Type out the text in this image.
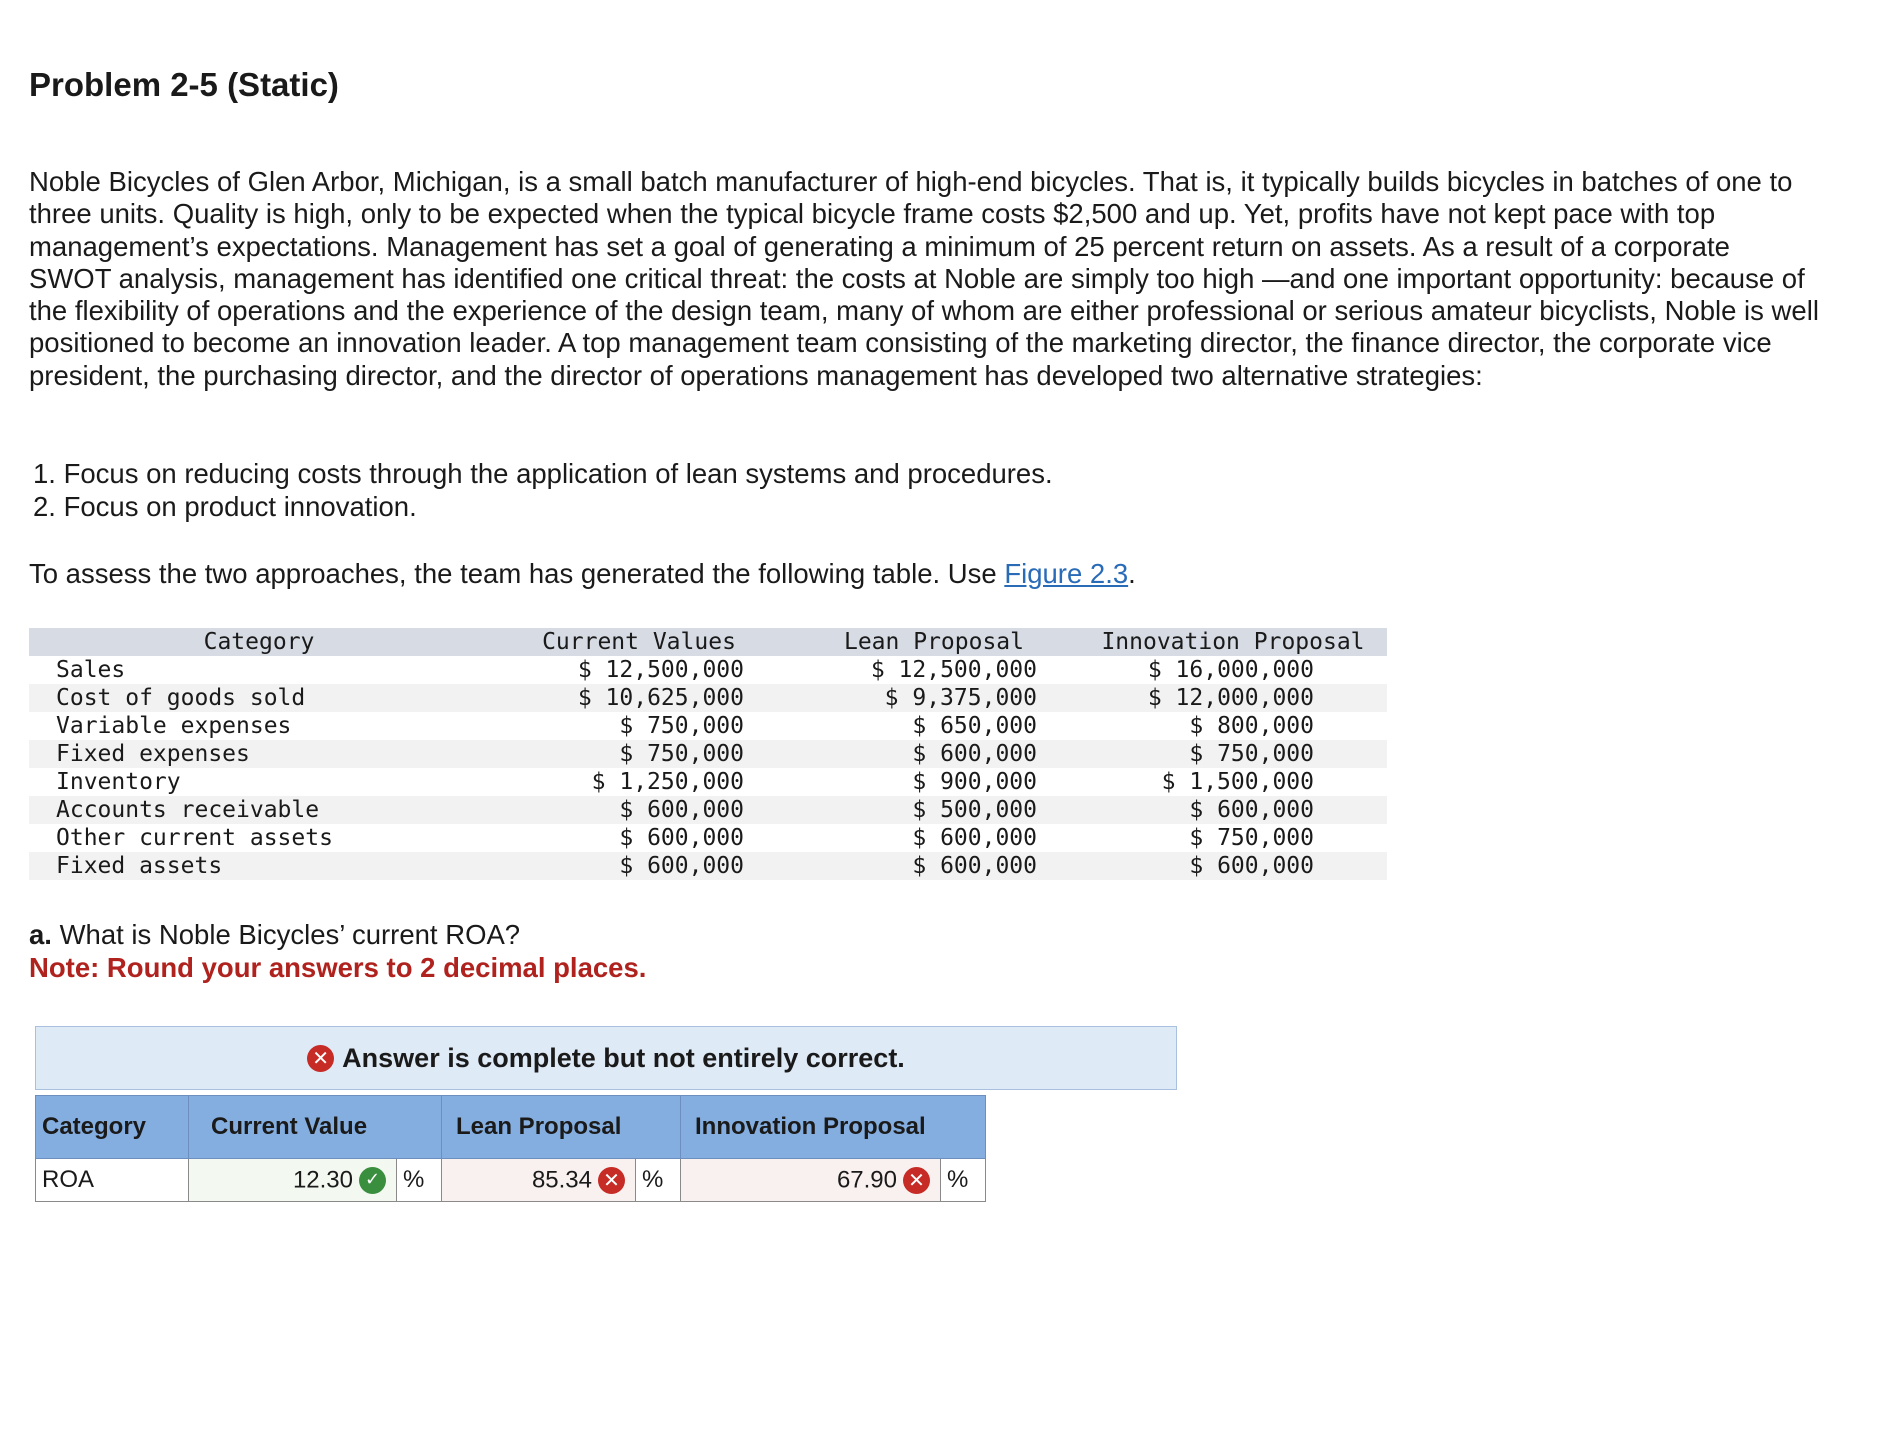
Problem 2-5 (Static)

Noble Bicycles of Glen Arbor, Michigan, is a small batch manufacturer of high-end bicycles. That is, it typically builds bicycles in batches of one to three units. Quality is high, only to be expected when the typical bicycle frame costs $2,500 and up. Yet, profits have not kept pace with top management’s expectations. Management has set a goal of generating a minimum of 25 percent return on assets. As a result of a corporate SWOT analysis, management has identified one critical threat: the costs at Noble are simply too high —and one important opportunity: because of the flexibility of operations and the experience of the design team, many of whom are either professional or serious amateur bicyclists, Noble is well positioned to become an innovation leader. A top management team consisting of the marketing director, the finance director, the corporate vice president, the purchasing director, and the director of operations management has developed two alternative strategies:

1. Focus on reducing costs through the application of lean systems and procedures.
2. Focus on product innovation.

To assess the two approaches, the team has generated the following table. Use Figure 2.3.

Category	Current Values	Lean Proposal	Innovation Proposal
Sales	$ 12,500,000	$ 12,500,000	$ 16,000,000
Cost of goods sold	$ 10,625,000	$ 9,375,000	$ 12,000,000
Variable expenses	$ 750,000	$ 650,000	$ 800,000
Fixed expenses	$ 750,000	$ 600,000	$ 750,000
Inventory	$ 1,250,000	$ 900,000	$ 1,500,000
Accounts receivable	$ 600,000	$ 500,000	$ 600,000
Other current assets	$ 600,000	$ 600,000	$ 750,000
Fixed assets	$ 600,000	$ 600,000	$ 600,000

a. What is Noble Bicycles’ current ROA?

Note: Round your answers to 2 decimal places.

✕ Answer is complete but not entirely correct.
Category	Current Value		Lean Proposal		Innovation Proposal	
ROA	12.30 ✓	%	85.34 ✕	%	67.90 ✕	%
